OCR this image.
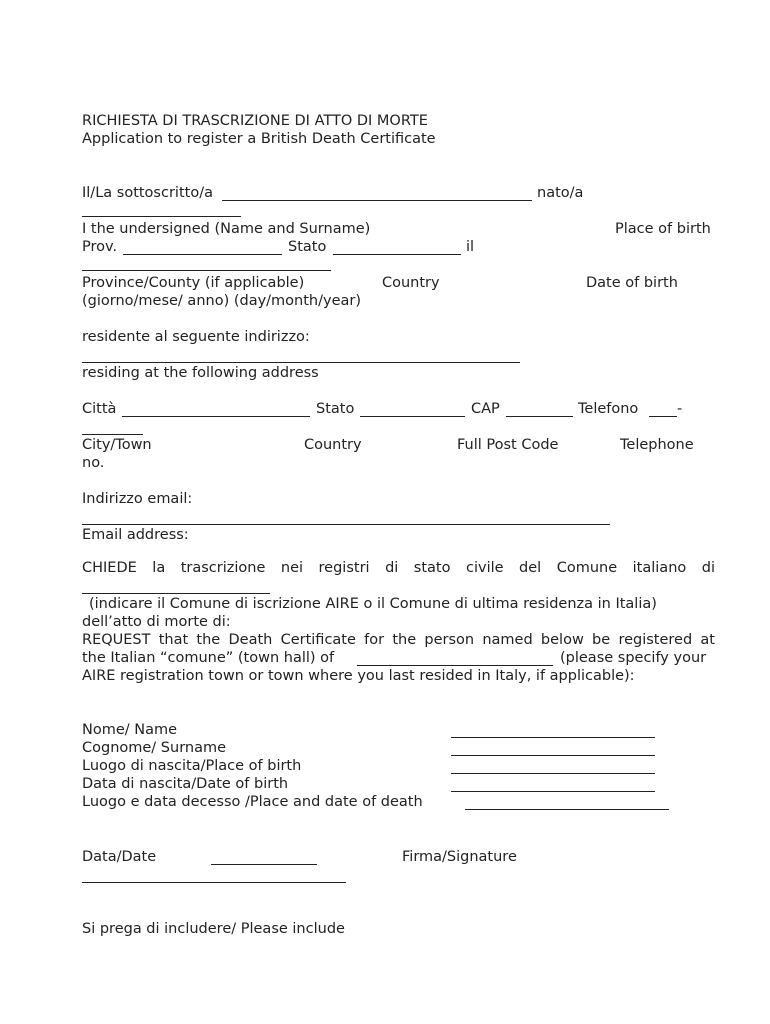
RICHIESTA DI TRASCRIZIONE DI ATTO DI MORTE
Application to register a British Death Certificate
Il/La sottoscritto/a	nato/a
I the undersigned (Name and Surname)	Place of birth
Prov.	Stato	il
Province/County (if applicable)	Country	Date of birth
(giorno/mese/ anno) (day/month/year)
residente al seguente indirizzo:
residing at the following address
Città	Stato	CAP	Telefono	-
City/Town	Country	Full Post Code	Telephone
no.
Indirizzo email:
Email address:
CHIEDE la trascrizione nei registri di stato civile del Comune italiano di
(indicare il Comune di iscrizione AIRE o il Comune di ultima residenza in Italia)
dell’atto di morte di:
REQUEST that the Death Certificate for the person named below be registered at
the Italian “comune” (town hall) of	(please specify your
AIRE registration town or town where you last resided in Italy, if applicable):
Nome/ Name
Cognome/ Surname
Luogo di nascita/Place of birth
Data di nascita/Date of birth
Luogo e data decesso /Place and date of death
Data/Date	Firma/Signature
Si prega di includere/ Please include
